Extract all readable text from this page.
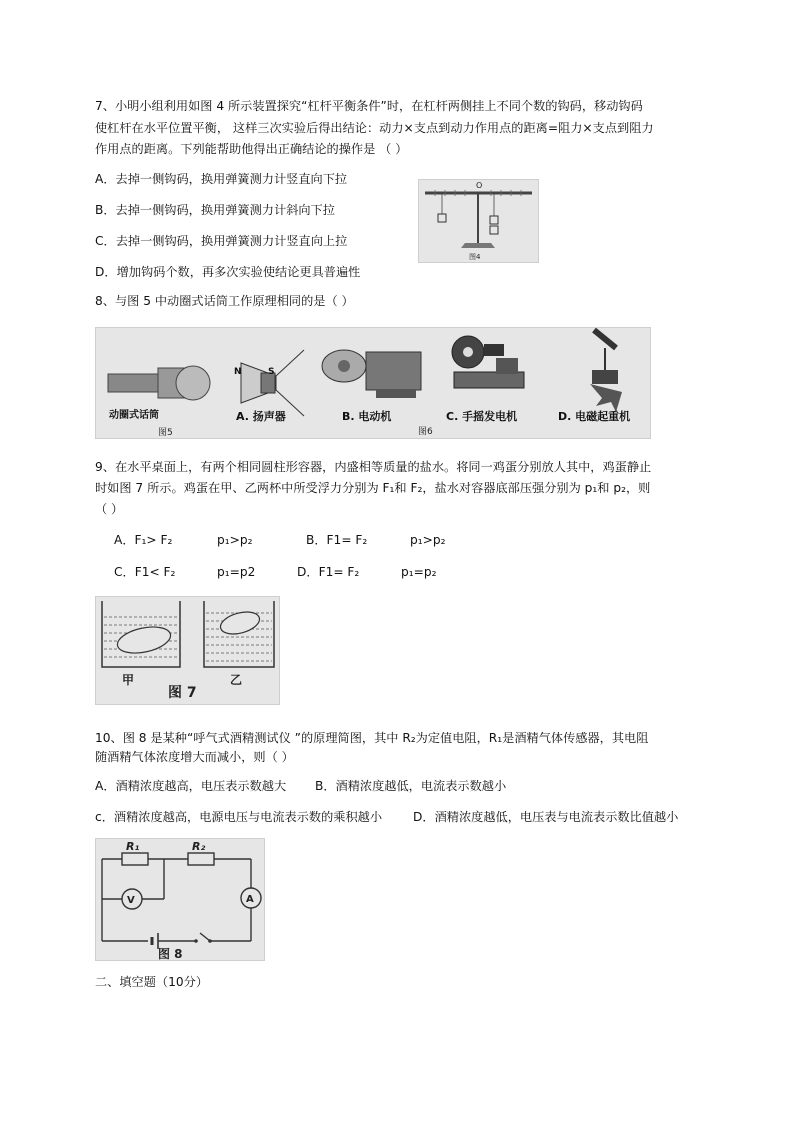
7、小明小组利用如图 4 所示装置探究“杠杆平衡条件”时，在杠杆两侧挂上不同个数的钩码，移动钩码
使杠杆在水平位置平衡， 这样三次实验后得出结论：动力×支点到动力作用点的距离=阻力×支点到阻力
作用点的距离。下列能帮助他得出正确结论的操作是 （ ）
A．去掉一侧钩码，换用弹簧测力计竖直向下拉
B．去掉一侧钩码，换用弹簧测力计斜向下拉
C．去掉一侧钩码，换用弹簧测力计竖直向上拉
D．增加钩码个数，再多次实验使结论更具普遍性
O
图4
8、与图 5 中动圈式话筒工作原理相同的是（ ）
N	S
动圈式话筒	A. 扬声器	B. 电动机	C. 手摇发电机	D. 电磁起重机
图5	图6
9、在水平桌面上，有两个相同圆柱形容器，内盛相等质量的盐水。将同一鸡蛋分别放人其中，鸡蛋静止
时如图 7 所示。鸡蛋在甲、乙两杯中所受浮力分别为 F₁和 F₂，盐水对容器底部压强分别为 p₁和 p₂，则
（ ）
A．F₁> F₂	p₁>p₂	B．F1= F₂	p₁>p₂
C．F1< F₂	p₁=p2	D．F1= F₂	p₁=p₂
甲
图 7
乙
10、图 8 是某种“呼气式酒精测试仪 ”的原理简图，其中 R₂为定值电阻，R₁是酒精气体传感器，其电阻
随酒精气体浓度增大而减小，则（ ）
A．酒精浓度越高，电压表示数越大 B．酒精浓度越低，电流表示数越小
c．酒精浓度越高，电源电压与电流表示数的乘积越小	D．酒精浓度越低，电压表与电流表示数比值越小
R₁	R₂
V	A
图 8
二、填空题（10分）
